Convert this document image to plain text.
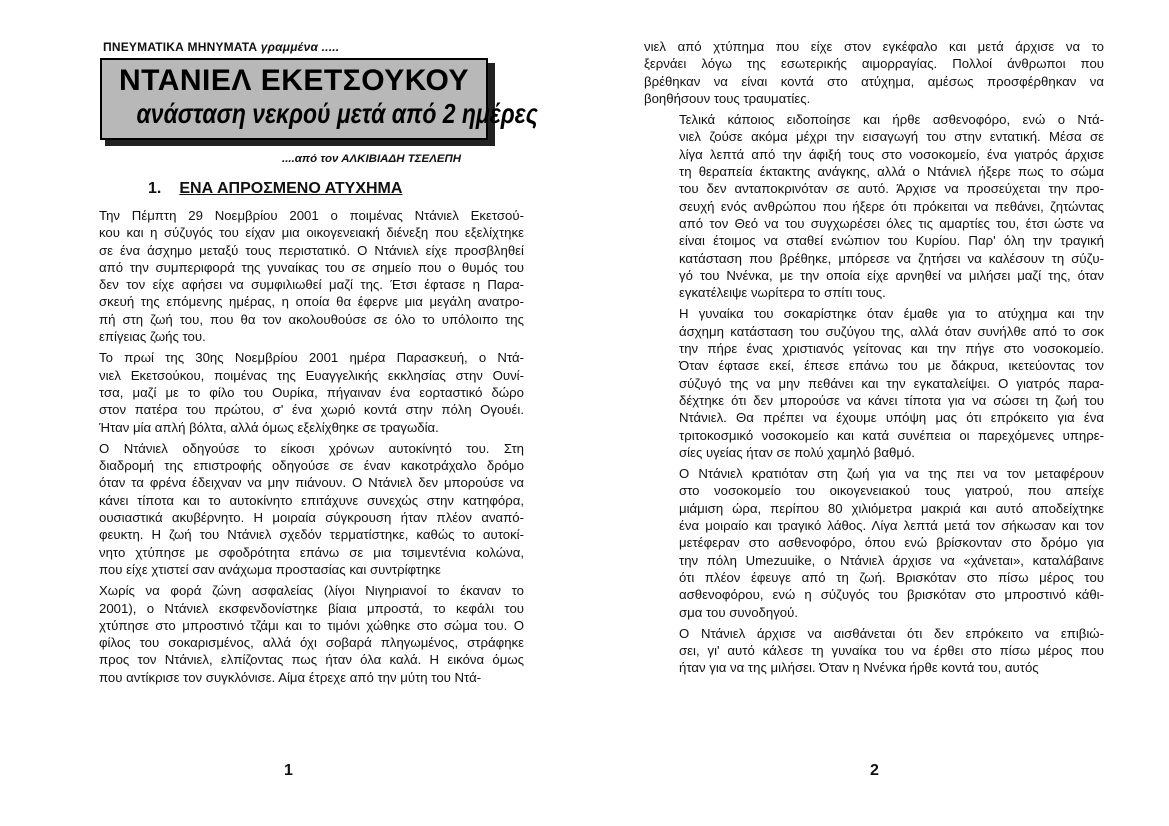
ΠΝΕΥΜΑΤΙΚΑ ΜΗΝΥΜΑΤΑ γραμμένα .....
ΝΤΑΝΙΕΛ ΕΚΕΤΣΟΥΚΟΥ
ανάσταση νεκρού μετά από 2 ημέρες
....από τον ΑΛΚΙΒΙΑΔΗ ΤΣΕΛΕΠΗ
1. ΕΝΑ ΑΠΡΟΣΜΕΝΟ ΑΤΥΧΗΜΑ

Την Πέμπτη 29 Νοεμβρίου 2001 ο ποιμένας Ντάνιελ Εκετσού-
κου και η σύζυγός του είχαν μια οικογενειακή διένεξη που εξελίχτηκε
σε ένα άσχημο μεταξύ τους περιστατικό. Ο Ντάνιελ είχε προσβληθεί
από την συμπεριφορά της γυναίκας του σε σημείο που ο θυμός του
δεν τον είχε αφήσει να συμφιλιωθεί μαζί της. Έτσι έφτασε η Παρα-
σκευή της επόμενης ημέρας, η οποία θα έφερνε μια μεγάλη ανατρο-
πή στη ζωή του, που θα τον ακολουθούσε σε όλο το υπόλοιπο της
επίγειας ζωής του.

Το πρωί της 30ης Νοεμβρίου 2001 ημέρα Παρασκευή, ο Ντά-
νιελ Εκετσούκου, ποιμένας της Ευαγγελικής εκκλησίας στην Ουνί-
τσα, μαζί με το φίλο του Ουρίκα, πήγαιναν ένα εορταστικό δώρο
στον πατέρα του πρώτου, σ' ένα χωριό κοντά στην πόλη Ογουέι.
Ήταν μία απλή βόλτα, αλλά όμως εξελίχθηκε σε τραγωδία.

Ο Ντάνιελ οδηγούσε το είκοσι χρόνων αυτοκίνητό του. Στη
διαδρομή της επιστροφής οδηγούσε σε έναν κακοτράχαλο δρόμο
όταν τα φρένα έδειχναν να μην πιάνουν. Ο Ντάνιελ δεν μπορούσε να
κάνει τίποτα και το αυτοκίνητο επιτάχυνε συνεχώς στην κατηφόρα,
ουσιαστικά ακυβέρνητο. Η μοιραία σύγκρουση ήταν πλέον αναπό-
φευκτη. Η ζωή του Ντάνιελ σχεδόν τερματίστηκε, καθώς το αυτοκί-
νητο χτύπησε με σφοδρότητα επάνω σε μια τσιμεντένια κολώνα,
που είχε χτιστεί σαν ανάχωμα προστασίας και συντρίφτηκε

Χωρίς να φορά ζώνη ασφαλείας (λίγοι Νιγηριανοί το έκαναν το
2001), ο Ντάνιελ εκσφενδονίστηκε βίαια μπροστά, το κεφάλι του
χτύπησε στο μπροστινό τζάμι και το τιμόνι χώθηκε στο σώμα του. Ο
φίλος του σοκαρισμένος, αλλά όχι σοβαρά πληγωμένος, στράφηκε
προς τον Ντάνιελ, ελπίζοντας πως ήταν όλα καλά. Η εικόνα όμως
που αντίκρισε τον συγκλόνισε. Αίμα έτρεχε από την μύτη του Ντά-

1	2

νιελ από χτύπημα που είχε στον εγκέφαλο και μετά άρχισε να το
ξερνάει λόγω της εσωτερικής αιμορραγίας. Πολλοί άνθρωποι που
βρέθηκαν να είναι κοντά στο ατύχημα, αμέσως προσφέρθηκαν να
βοηθήσουν τους τραυματίες.

Τελικά κάποιος ειδοποίησε και ήρθε ασθενοφόρο, ενώ ο Ντά-
νιελ ζούσε ακόμα μέχρι την εισαγωγή του στην εντατική. Μέσα σε
λίγα λεπτά από την άφιξή τους στο νοσοκομείο, ένα γιατρός άρχισε
τη θεραπεία έκτακτης ανάγκης, αλλά ο Ντάνιελ ήξερε πως το σώμα
του δεν ανταποκρινόταν σε αυτό. Άρχισε να προσεύχεται την προ-
σευχή ενός ανθρώπου που ήξερε ότι πρόκειται να πεθάνει, ζητώντας
από τον Θεό να του συγχωρέσει όλες τις αμαρτίες του, έτσι ώστε να
είναι έτοιμος να σταθεί ενώπιον του Κυρίου. Παρ' όλη την τραγική
κατάσταση που βρέθηκε, μπόρεσε να ζητήσει να καλέσουν τη σύζυ-
γό του Ννένκα, με την οποία είχε αρνηθεί να μιλήσει μαζί της, όταν
εγκατέλειψε νωρίτερα το σπίτι τους.

Η γυναίκα του σοκαρίστηκε όταν έμαθε για το ατύχημα και την
άσχημη κατάσταση του συζύγου της, αλλά όταν συνήλθε από το σοκ
την πήρε ένας χριστιανός γείτονας και την πήγε στο νοσοκομείο.
Όταν έφτασε εκεί, έπεσε επάνω του με δάκρυα, ικετεύοντας τον
σύζυγό της να μην πεθάνει και την εγκαταλείψει. Ο γιατρός παρα-
δέχτηκε ότι δεν μπορούσε να κάνει τίποτα για να σώσει τη ζωή του
Ντάνιελ. Θα πρέπει να έχουμε υπόψη μας ότι επρόκειτο για ένα
τριτοκοσμικό νοσοκομείο και κατά συνέπεια οι παρεχόμενες υπηρε-
σίες υγείας ήταν σε πολύ χαμηλό βαθμό.

Ο Ντάνιελ κρατιόταν στη ζωή για να της πει να τον μεταφέρουν
στο νοσοκομείο του οικογενειακού τους γιατρού, που απείχε
μιάμιση ώρα, περίπου 80 χιλιόμετρα μακριά και αυτό αποδείχτηκε
ένα μοιραίο και τραγικό λάθος. Λίγα λεπτά μετά τον σήκωσαν και τον
μετέφεραν στο ασθενοφόρο, όπου ενώ βρίσκονταν στο δρόμο για
την πόλη Umezuuike, ο Ντάνιελ άρχισε να «χάνεται», καταλάβαινε
ότι πλέον έφευγε από τη ζωή. Βρισκόταν στο πίσω μέρος του
ασθενοφόρου, ενώ η σύζυγός του βρισκόταν στο μπροστινό κάθι-
σμα του συνοδηγού.

Ο Ντάνιελ άρχισε να αισθάνεται ότι δεν επρόκειτο να επιβιώ-
σει, γι' αυτό κάλεσε τη γυναίκα του να έρθει στο πίσω μέρος που
ήταν για να της μιλήσει. Όταν η Ννένκα ήρθε κοντά του, αυτός
